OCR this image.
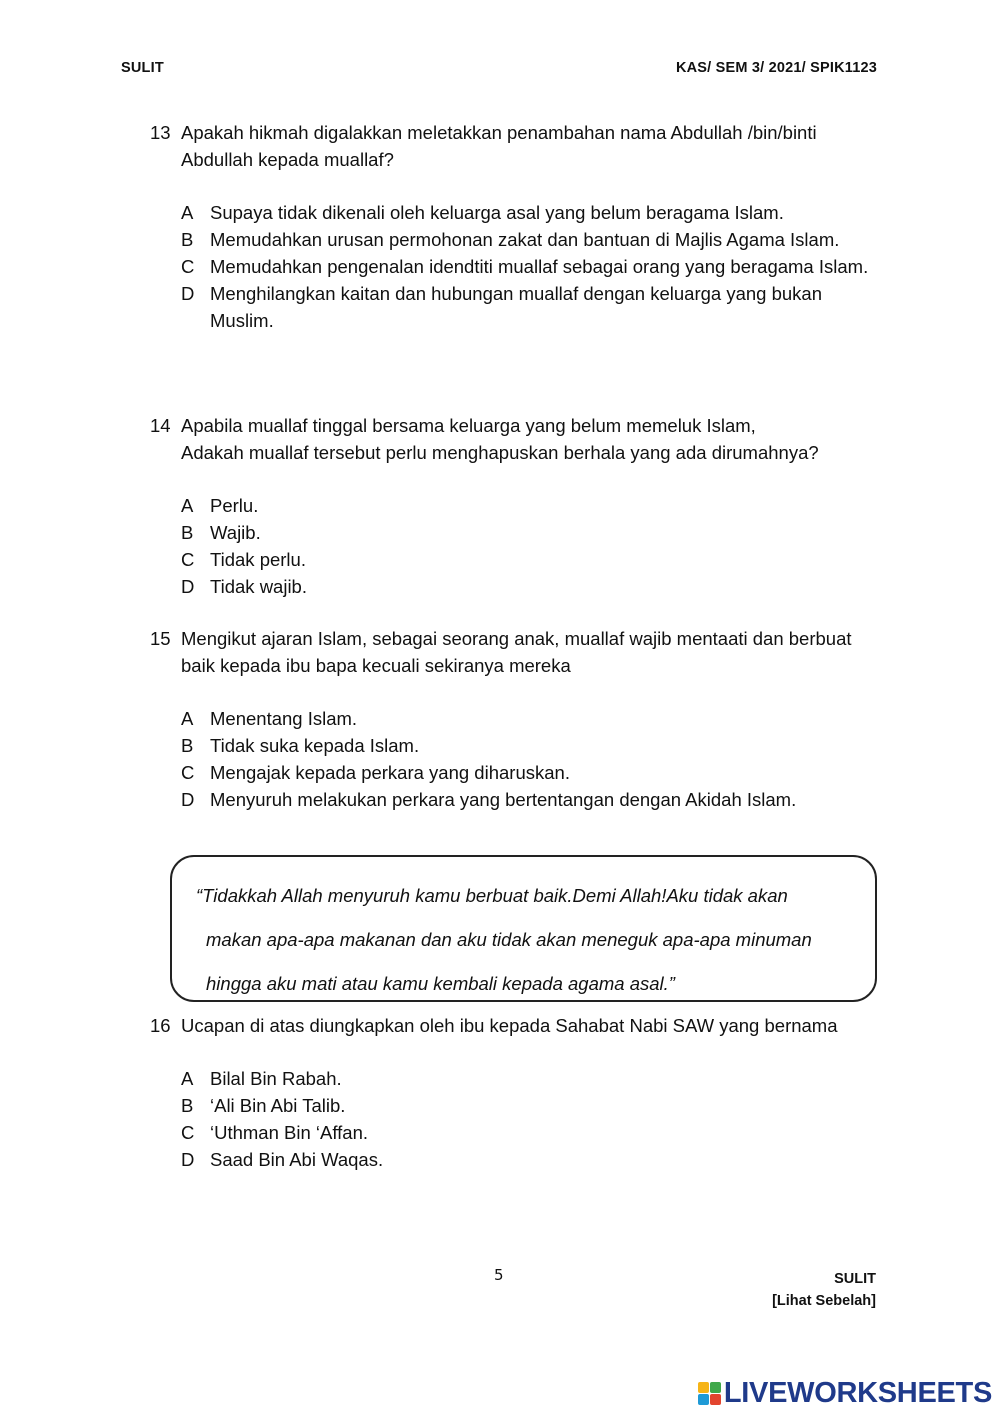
SULIT	KAS/ SEM 3/ 2021/ SPIK1123
13 Apakah hikmah digalakkan meletakkan penambahan nama Abdullah /bin/binti Abdullah kepada muallaf?
A Supaya tidak dikenali oleh keluarga asal yang belum beragama Islam.
B Memudahkan urusan permohonan zakat dan bantuan di Majlis Agama Islam.
C Memudahkan pengenalan idendtiti muallaf sebagai orang yang beragama Islam.
D Menghilangkan kaitan dan hubungan muallaf dengan keluarga yang bukan Muslim.
14 Apabila muallaf tinggal bersama keluarga yang belum memeluk Islam,
Adakah muallaf tersebut perlu menghapuskan berhala yang ada dirumahnya?
A Perlu.
B Wajib.
C Tidak perlu.
D Tidak wajib.
15 Mengikut ajaran Islam, sebagai seorang anak, muallaf wajib mentaati dan berbuat baik kepada ibu bapa kecuali sekiranya mereka
A Menentang Islam.
B Tidak suka kepada Islam.
C Mengajak kepada perkara yang diharuskan.
D Menyuruh melakukan perkara yang bertentangan dengan Akidah Islam.
“Tidakkah Allah menyuruh kamu berbuat baik.Demi Allah!Aku tidak akan
makan apa-apa makanan dan aku tidak akan meneguk apa-apa minuman
hingga aku mati atau kamu kembali kepada agama asal.”
16 Ucapan di atas diungkapkan oleh ibu kepada Sahabat Nabi SAW yang bernama
A Bilal Bin Rabah.
B ‘Ali Bin Abi Talib.
C ‘Uthman Bin ‘Affan.
D Saad Bin Abi Waqas.
5	SULIT
[Lihat Sebelah]
LIVEWORKSHEETS
